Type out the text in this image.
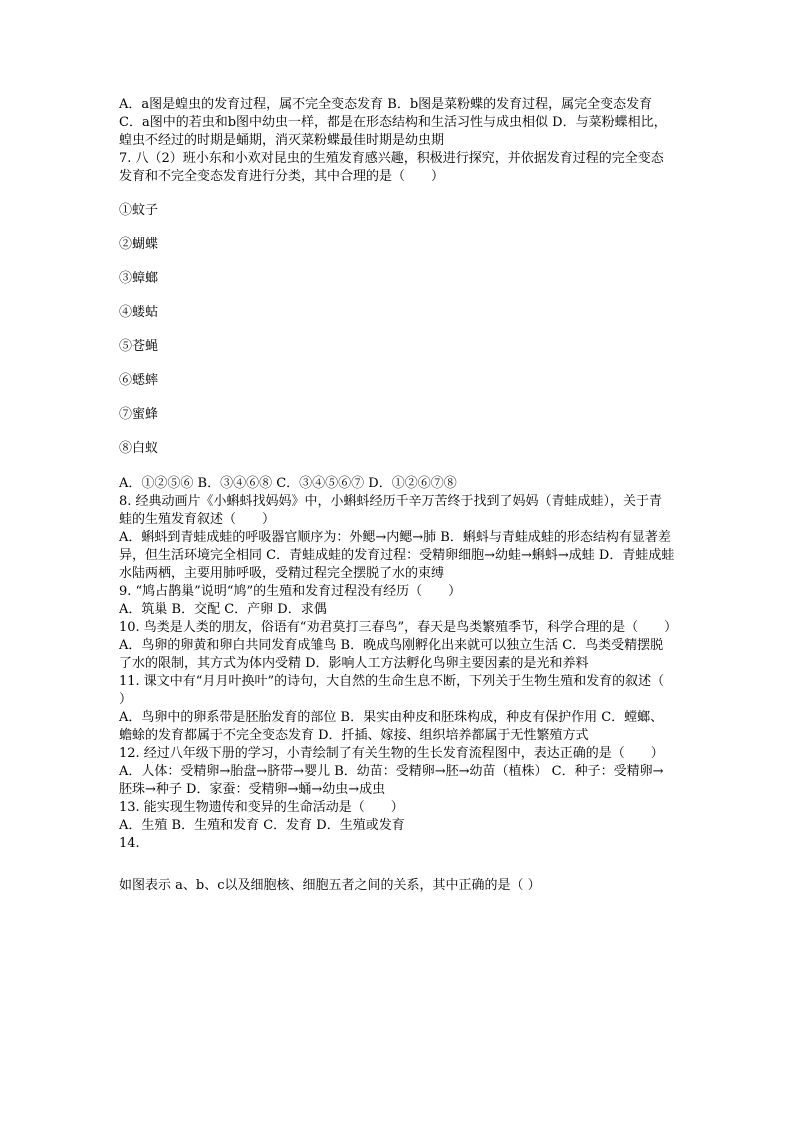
A．a图是蝗虫的发育过程，属不完全变态发育 B．b图是菜粉蝶的发育过程，属完全变态发育 C．a图中的若虫和b图中幼虫一样，都是在形态结构和生活习性与成虫相似 D．与菜粉蝶相比，蝗虫不经过的时期是蛹期，消灭菜粉蝶最佳时期是幼虫期

7. 八（2）班小东和小欢对昆虫的生殖发育感兴趣，积极进行探究，并依据发育过程的完全变态发育和不完全变态发育进行分类，其中合理的是（　　）

①蚊子

②蝴蝶

③蟑螂

④蝼蛄

⑤苍蝇

⑥蟋蟀

⑦蜜蜂

⑧白蚁

A．①②⑤⑥ B．③④⑥⑧ C．③④⑤⑥⑦ D．①②⑥⑦⑧

8. 经典动画片《小蝌蚪找妈妈》中，小蝌蚪经历千辛万苦终于找到了妈妈（青蛙成蛙），关于青蛙的生殖发育叙述（　　）

A．蝌蚪到青蛙成蛙的呼吸器官顺序为：外鳃→内鳃→肺 B．蝌蚪与青蛙成蛙的形态结构有显著差异，但生活环境完全相同 C．青蛙成蛙的发育过程：受精卵细胞→幼蛙→蝌蚪→成蛙 D．青蛙成蛙水陆两栖，主要用肺呼吸，受精过程完全摆脱了水的束缚

9. “鸠占鹊巢”说明“鸠”的生殖和发育过程没有经历（　　）

A．筑巢 B．交配 C．产卵 D．求偶

10. 鸟类是人类的朋友，俗语有“劝君莫打三春鸟”，春天是鸟类繁殖季节，科学合理的是（　　）

A．鸟卵的卵黄和卵白共同发育成雏鸟 B．晚成鸟刚孵化出来就可以独立生活 C．鸟类受精摆脱了水的限制，其方式为体内受精 D．影响人工方法孵化鸟卵主要因素的是光和养料

11. 课文中有“月月叶换叶”的诗句，大自然的生命生息不断，下列关于生物生殖和发育的叙述（　　）

A．鸟卵中的卵系带是胚胎发育的部位 B．果实由种皮和胚珠构成，种皮有保护作用 C．螳螂、蟾蜍的发育都属于不完全变态发育 D．扦插、嫁接、组织培养都属于无性繁殖方式

12. 经过八年级下册的学习，小青绘制了有关生物的生长发育流程图中，表达正确的是（　　）

A．人体：受精卵→胎盘→脐带→婴儿 B．幼苗：受精卵→胚→幼苗（植株） C．种子：受精卵→胚珠→种子 D．家蚕：受精卵→蛹→幼虫→成虫

13. 能实现生物遗传和变异的生命活动是（　　）

A．生殖 B．生殖和发育 C．发育 D．生殖或发育

14.

如图表示 a、b、c以及细胞核、细胞五者之间的关系，其中正确的是（ ）
